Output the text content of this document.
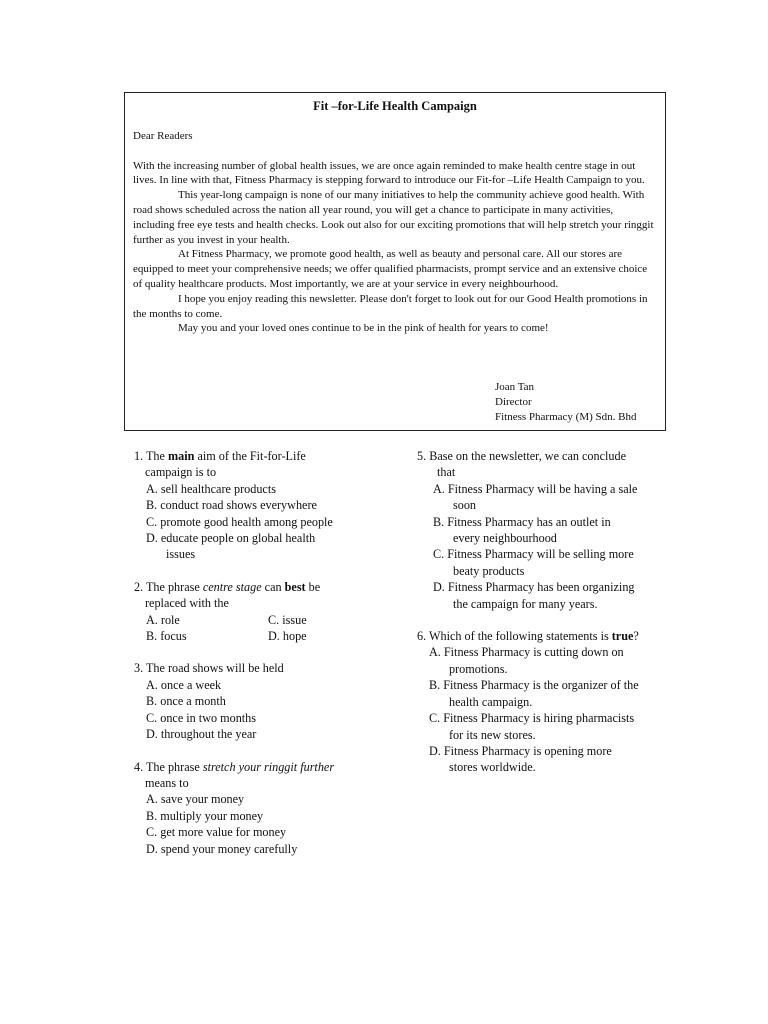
Fit –for-Life Health Campaign
Dear Readers

With the increasing number of global health issues, we are once again reminded to make health centre stage in out lives. In line with that, Fitness Pharmacy is stepping forward to introduce our Fit-for –Life Health Campaign to you.

This year-long campaign is none of our many initiatives to help the community achieve good health. With road shows scheduled across the nation all year round, you will get a chance to participate in many activities, including free eye tests and health checks. Look out also for our exciting promotions that will help stretch your ringgit further as you invest in your health.

At Fitness Pharmacy, we promote good health, as well as beauty and personal care. All our stores are equipped to meet your comprehensive needs; we offer qualified pharmacists, prompt service and an extensive choice of quality healthcare products. Most importantly, we are at your service in every neighbourhood.

I hope you enjoy reading this newsletter. Please don't forget to look out for our Good Health promotions in the months to come.

May you and your loved ones continue to be in the pink of health for years to come!

Joan Tan
Director
Fitness Pharmacy (M) Sdn. Bhd
1. The main aim of the Fit-for-Life
campaign is to
A. sell healthcare products
B. conduct road shows everywhere
C. promote good health among people
D. educate people on global health
issues
2. The phrase centre stage can best be
replaced with the
A. role	C. issue
B. focus	D. hope
3. The road shows will be held
A. once a week
B. once a month
C. once in two months
D. throughout the year
4. The phrase stretch your ringgit further
means to
A. save your money
B. multiply your money
C. get more value for money
D. spend your money carefully
5. Base on the newsletter, we can conclude
that
A. Fitness Pharmacy will be having a sale
soon
B. Fitness Pharmacy has an outlet in
every neighbourhood
C. Fitness Pharmacy will be selling more
beaty products
D. Fitness Pharmacy has been organizing
the campaign for many years.
6. Which of the following statements is true?
A. Fitness Pharmacy is cutting down on
promotions.
B. Fitness Pharmacy is the organizer of the
health campaign.
C. Fitness Pharmacy is hiring pharmacists
for its new stores.
D. Fitness Pharmacy is opening more
stores worldwide.
